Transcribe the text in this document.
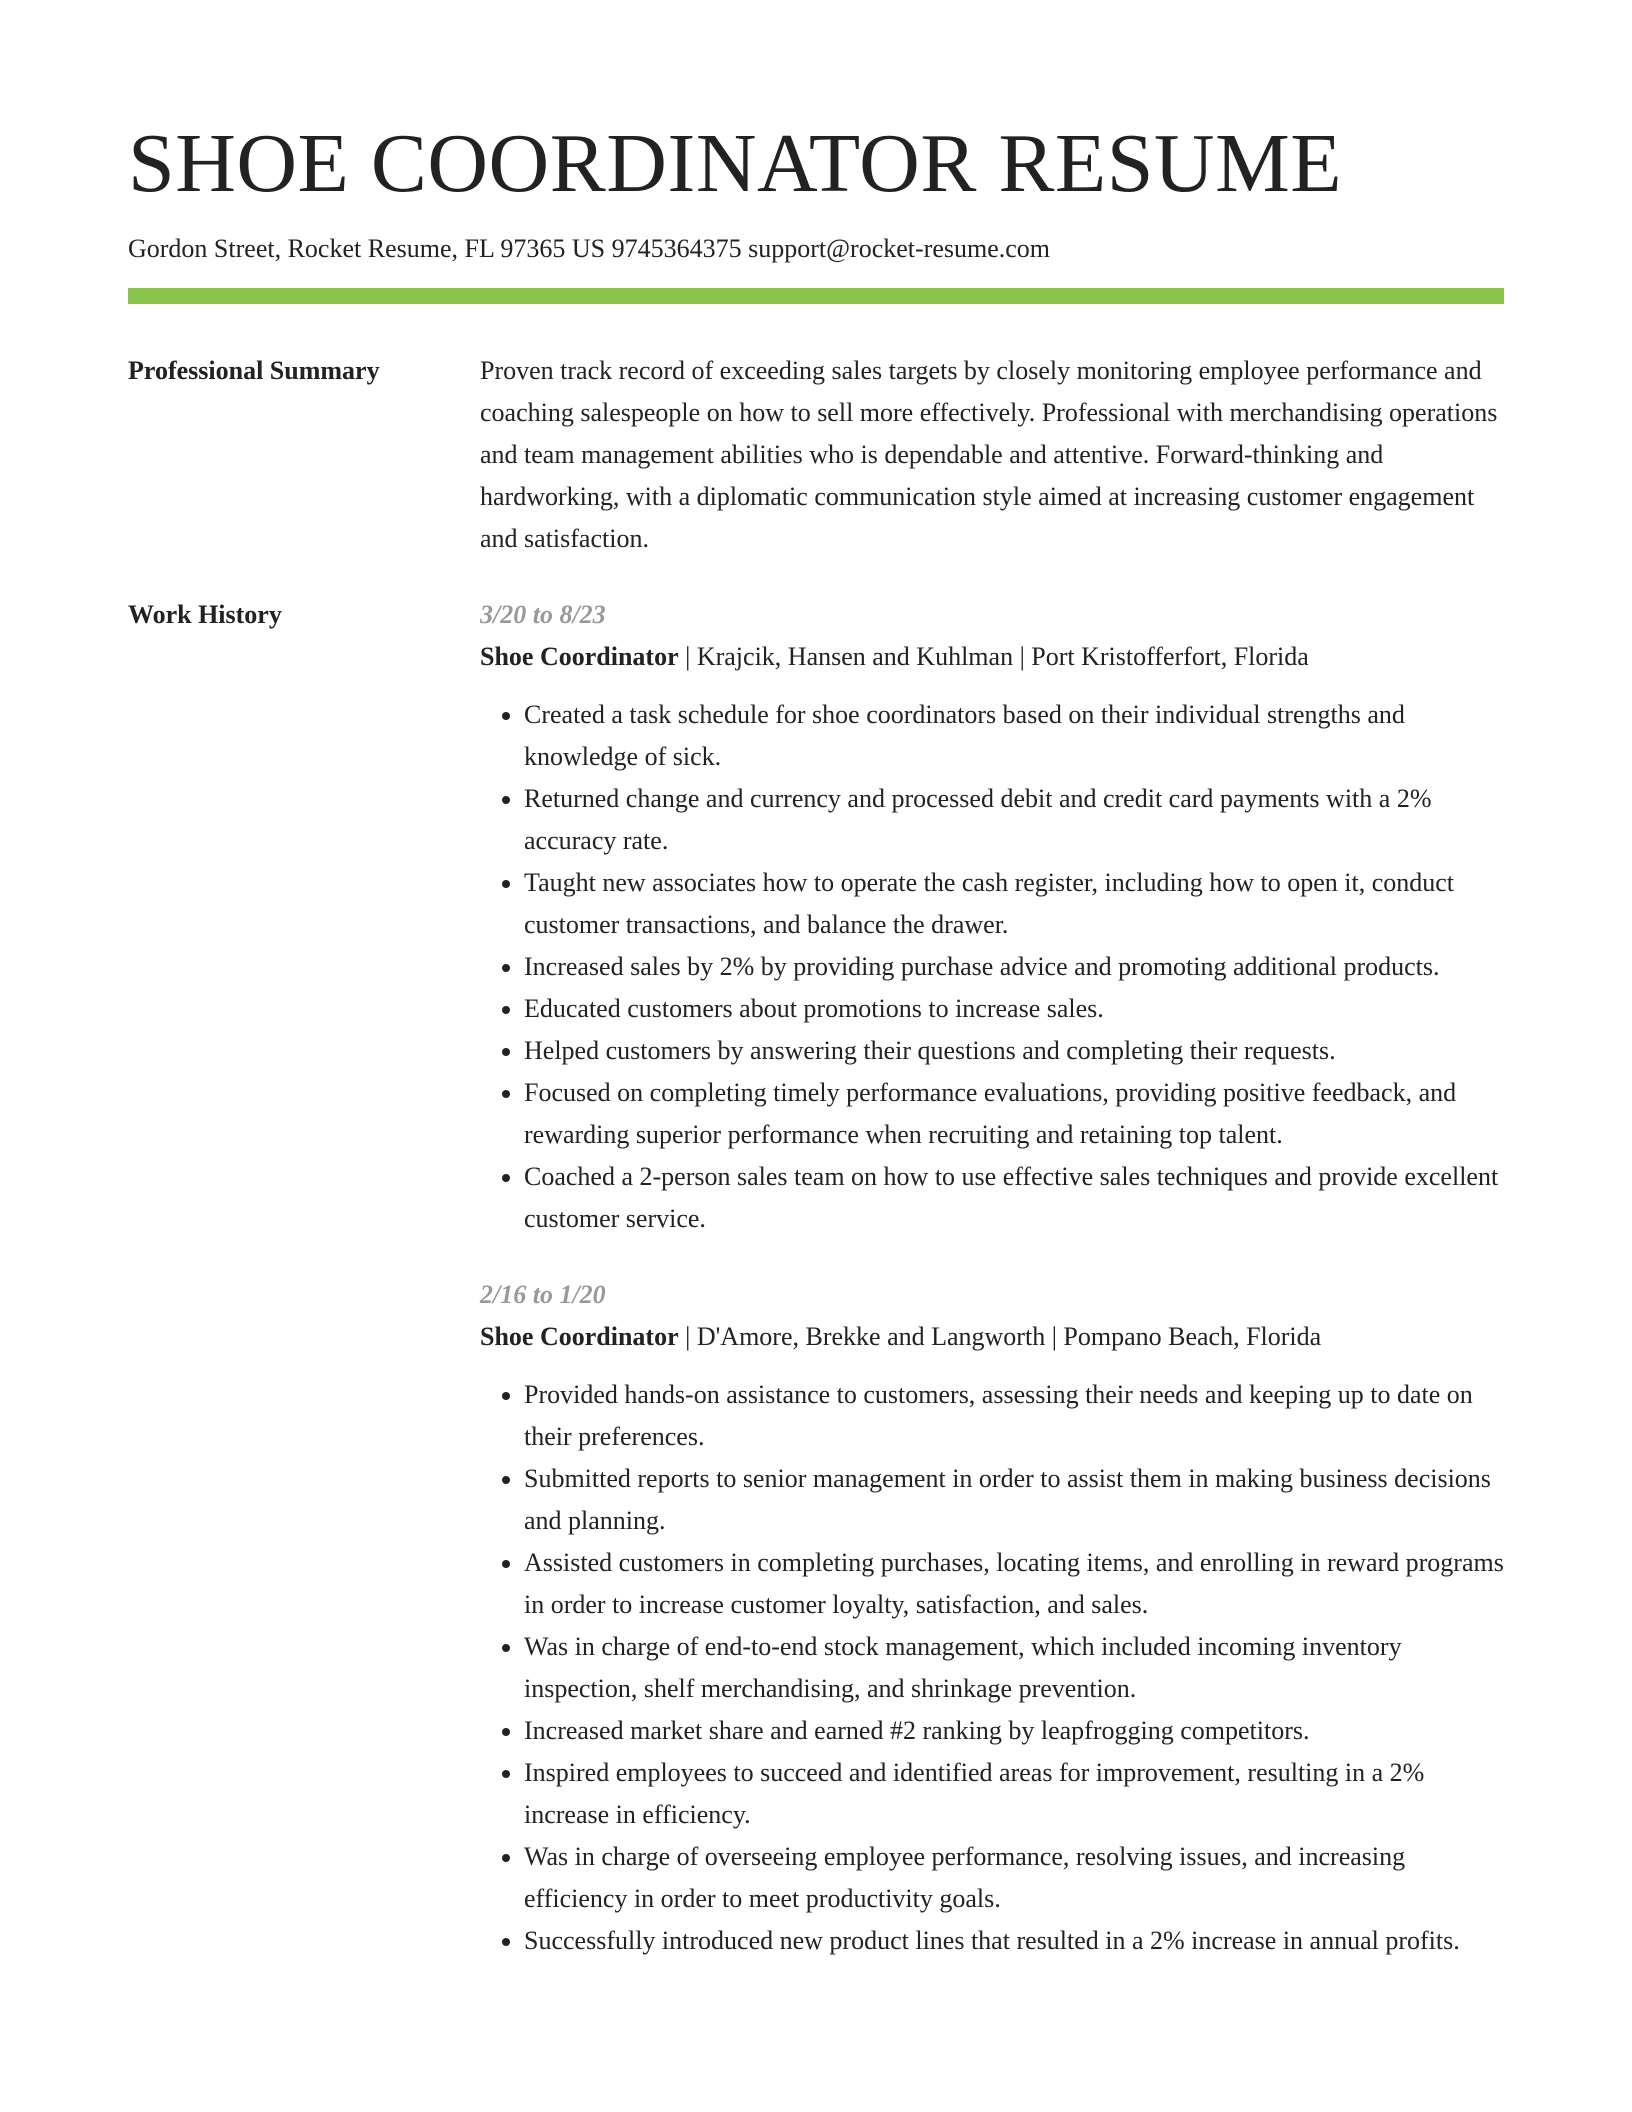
SHOE COORDINATOR RESUME
Gordon Street, Rocket Resume, FL 97365 US 9745364375 support@rocket-resume.com
Professional Summary	Proven track record of exceeding sales targets by closely monitoring employee performance and coaching salespeople on how to sell more effectively. Professional with merchandising operations and team management abilities who is dependable and attentive. Forward-thinking and hardworking, with a diplomatic communication style aimed at increasing customer engagement and satisfaction.
Work History	3/20 to 8/23
Shoe Coordinator | Krajcik, Hansen and Kuhlman | Port Kristofferfort, Florida
• Created a task schedule for shoe coordinators based on their individual strengths and knowledge of sick.
• Returned change and currency and processed debit and credit card payments with a 2% accuracy rate.
• Taught new associates how to operate the cash register, including how to open it, conduct customer transactions, and balance the drawer.
• Increased sales by 2% by providing purchase advice and promoting additional products.
• Educated customers about promotions to increase sales.
• Helped customers by answering their questions and completing their requests.
• Focused on completing timely performance evaluations, providing positive feedback, and rewarding superior performance when recruiting and retaining top talent.
• Coached a 2-person sales team on how to use effective sales techniques and provide excellent customer service.
2/16 to 1/20
Shoe Coordinator | D'Amore, Brekke and Langworth | Pompano Beach, Florida
• Provided hands-on assistance to customers, assessing their needs and keeping up to date on their preferences.
• Submitted reports to senior management in order to assist them in making business decisions and planning.
• Assisted customers in completing purchases, locating items, and enrolling in reward programs in order to increase customer loyalty, satisfaction, and sales.
• Was in charge of end-to-end stock management, which included incoming inventory inspection, shelf merchandising, and shrinkage prevention.
• Increased market share and earned #2 ranking by leapfrogging competitors.
• Inspired employees to succeed and identified areas for improvement, resulting in a 2% increase in efficiency.
• Was in charge of overseeing employee performance, resolving issues, and increasing efficiency in order to meet productivity goals.
• Successfully introduced new product lines that resulted in a 2% increase in annual profits.
